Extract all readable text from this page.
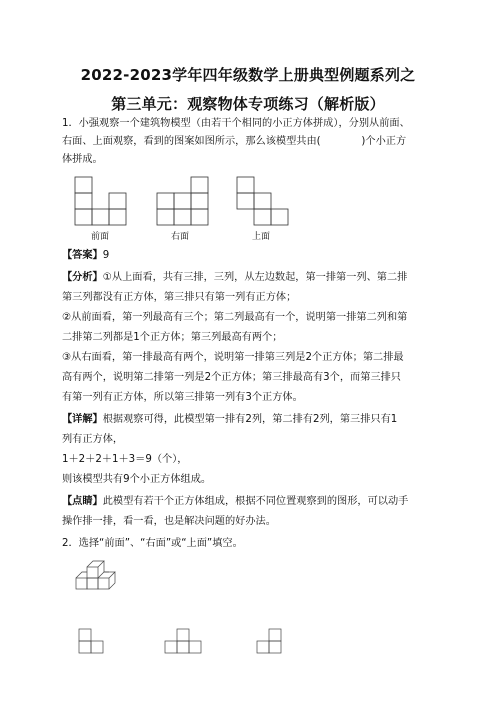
2022-2023学年四年级数学上册典型例题系列之
第三单元：观察物体专项练习（解析版）

1．小强观察一个建筑物模型（由若干个相同的小正方体拼成），分别从前面、

右面、上面观察，看到的图案如图所示，那么该模型共由(　　　　)个小正方

体拼成。

前面	右面	上面

【答案】9

【分析】①从上面看，共有三排，三列，从左边数起，第一排第一列、第二排

第三列都没有正方体，第三排只有第一列有正方体；

②从前面看，第一列最高有三个；第二列最高有一个，说明第一排第二列和第

二排第二列都是1个正方体；第三列最高有两个；

③从右面看，第一排最高有两个，说明第一排第三列是2个正方体；第二排最

高有两个，说明第二排第一列是2个正方体；第三排最高有3个，而第三排只

有第一列有正方体，所以第三排第一列有3个正方体。

【详解】根据观察可得，此模型第一排有2列，第二排有2列，第三排只有1

列有正方体，

1＋2＋2＋1＋3＝9（个），

则该模型共有9个小正方体组成。

【点睛】此模型有若干个正方体组成，根据不同位置观察到的图形，可以动手

操作排一排，看一看，也是解决问题的好办法。

2．选择“前面”、“右面”或“上面”填空。
